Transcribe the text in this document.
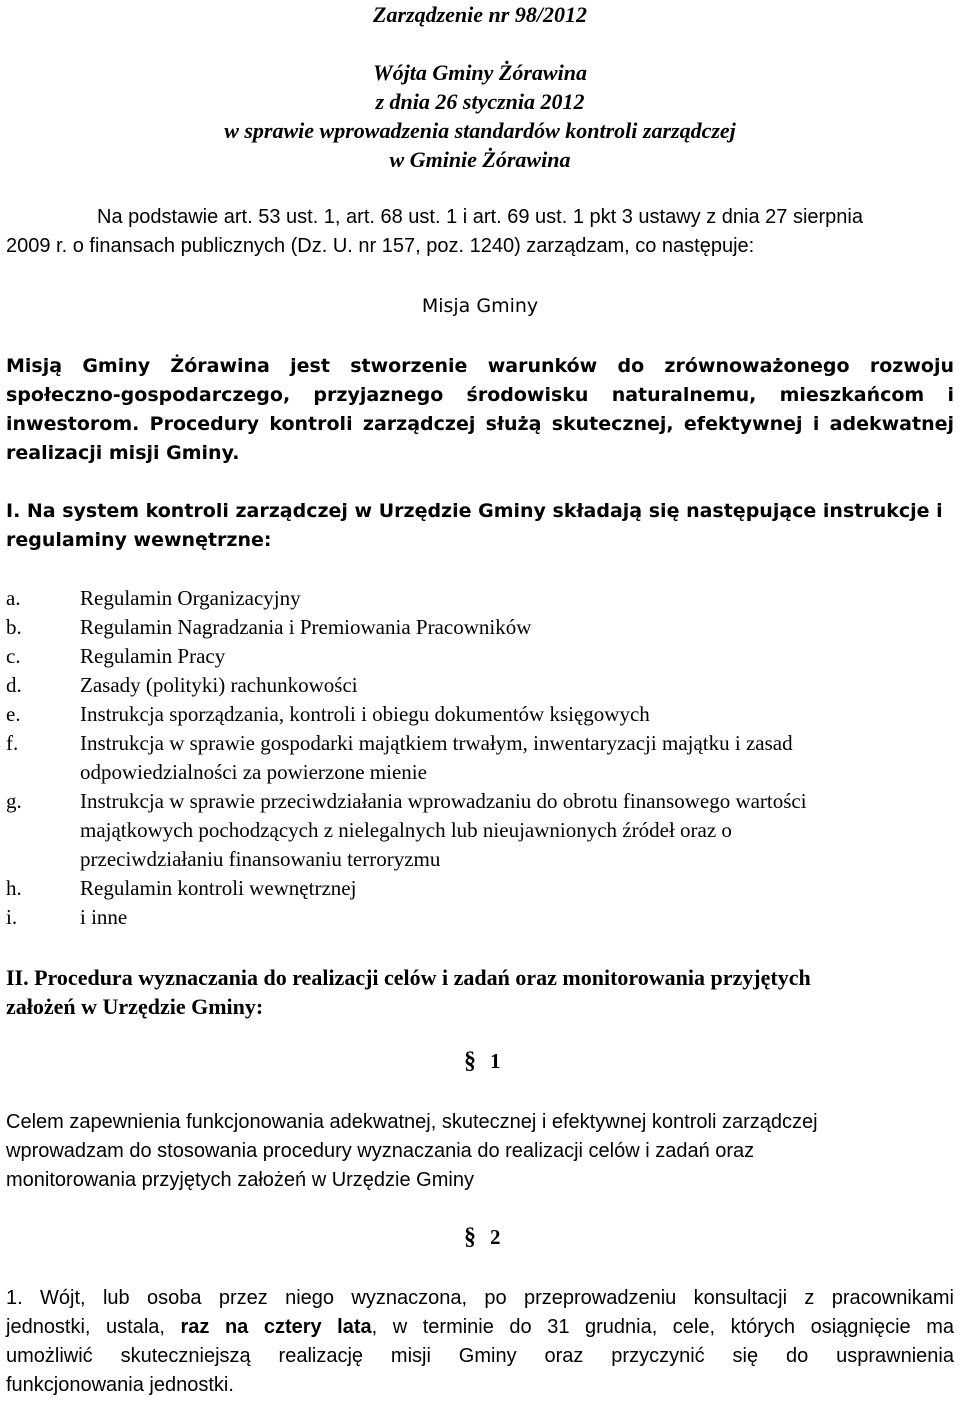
Zarządzenie nr 98/2012
Wójta Gminy Żórawina
z dnia 26 stycznia 2012
w sprawie wprowadzenia standardów kontroli zarządczej
w Gminie Żórawina
Na podstawie art. 53 ust. 1, art. 68 ust. 1 i art. 69 ust. 1 pkt 3 ustawy z dnia 27 sierpnia
2009 r. o finansach publicznych (Dz. U. nr 157, poz. 1240) zarządzam, co następuje:
Misja Gminy
Misją Gminy Żórawina jest stworzenie warunków do zrównoważonego rozwoju
społeczno-gospodarczego, przyjaznego środowisku naturalnemu, mieszkańcom i
inwestorom. Procedury kontroli zarządczej służą skutecznej, efektywnej i adekwatnej
realizacji misji Gminy.
I. Na system kontroli zarządczej w Urzędzie Gminy składają się następujące instrukcje i
regulaminy wewnętrzne:
a.	Regulamin Organizacyjny
b.	Regulamin Nagradzania i Premiowania Pracowników
c.	Regulamin Pracy
d.	Zasady (polityki) rachunkowości
e.	Instrukcja sporządzania, kontroli i obiegu dokumentów księgowych
f.	Instrukcja w sprawie gospodarki majątkiem trwałym, inwentaryzacji majątku i zasad
odpowiedzialności za powierzone mienie
g.	Instrukcja w sprawie przeciwdziałania wprowadzaniu do obrotu finansowego wartości
majątkowych pochodzących z nielegalnych lub nieujawnionych źródeł oraz o
przeciwdziałaniu finansowaniu terroryzmu
h.	Regulamin kontroli wewnętrznej
i.	i inne
II. Procedura wyznaczania do realizacji celów i zadań oraz monitorowania przyjętych
założeń w Urzędzie Gminy:
§ 1
Celem zapewnienia funkcjonowania adekwatnej, skutecznej i efektywnej kontroli zarządczej
wprowadzam do stosowania procedury wyznaczania do realizacji celów i zadań oraz
monitorowania przyjętych założeń w Urzędzie Gminy
§ 2
1. Wójt, lub osoba przez niego wyznaczona, po przeprowadzeniu konsultacji z pracownikami
jednostki, ustala, raz na cztery lata, w terminie do 31 grudnia, cele, których osiągnięcie ma
umożliwić skuteczniejszą realizację misji Gminy oraz przyczynić się do usprawnienia
funkcjonowania jednostki.
